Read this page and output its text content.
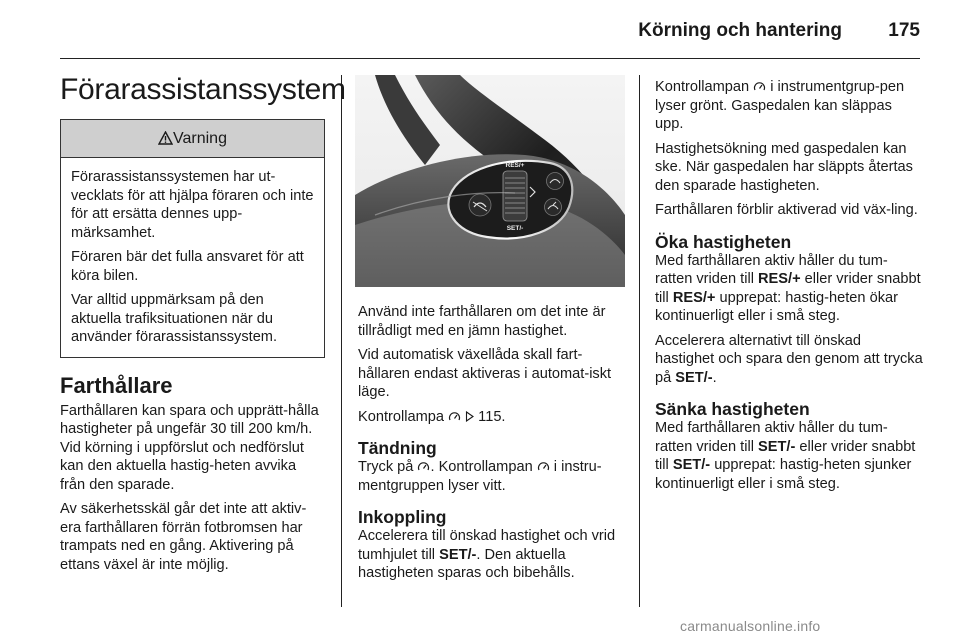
Körning och hantering 175
Förarassistanssystem
Varning

Förarassistanssystemen har ut-vecklats för att hjälpa föraren och inte för att ersätta dennes upp-märksamhet.

Föraren bär det fulla ansvaret för att köra bilen.

Var alltid uppmärksam på den aktuella trafiksituationen när du använder förarassistanssystem.

Farthållare

Farthållaren kan spara och upprätt-hålla hastigheter på ungefär 30 till 200 km/h. Vid körning i uppförslut och nedförslut kan den aktuella hastig-heten avvika från den sparade.

Av säkerhetsskäl går det inte att aktiv-era farthållaren förrän fotbromsen har trampats ned en gång. Aktivering på ettans växel är inte möjlig.

RES/+
SET/-

Använd inte farthållaren om det inte är tillrådligt med en jämn hastighet.

Vid automatisk växellåda skall fart-hållaren endast aktiveras i automat-iskt läge.

Kontrollampa   115.

Tändning

Tryck på . Kontrollampan  i instru-mentgruppen lyser vitt.

Inkoppling

Accelerera till önskad hastighet och vrid tumhjulet till SET/-. Den aktuella hastigheten sparas och bibehålls.

Kontrollampan  i instrumentgrup-pen lyser grönt. Gaspedalen kan släppas upp.

Hastighetsökning med gaspedalen kan ske. När gaspedalen har släppts återtas den sparade hastigheten.

Farthållaren förblir aktiverad vid väx-ling.

Öka hastigheten

Med farthållaren aktiv håller du tum-ratten vriden till RES/+ eller vrider snabbt till RES/+ upprepat: hastig-heten ökar kontinuerligt eller i små steg.

Accelerera alternativt till önskad hastighet och spara den genom att trycka på SET/-.

Sänka hastigheten

Med farthållaren aktiv håller du tum-ratten vriden till SET/- eller vrider snabbt till SET/- upprepat: hastig-heten sjunker kontinuerligt eller i små steg.

carmanualsonline.info
